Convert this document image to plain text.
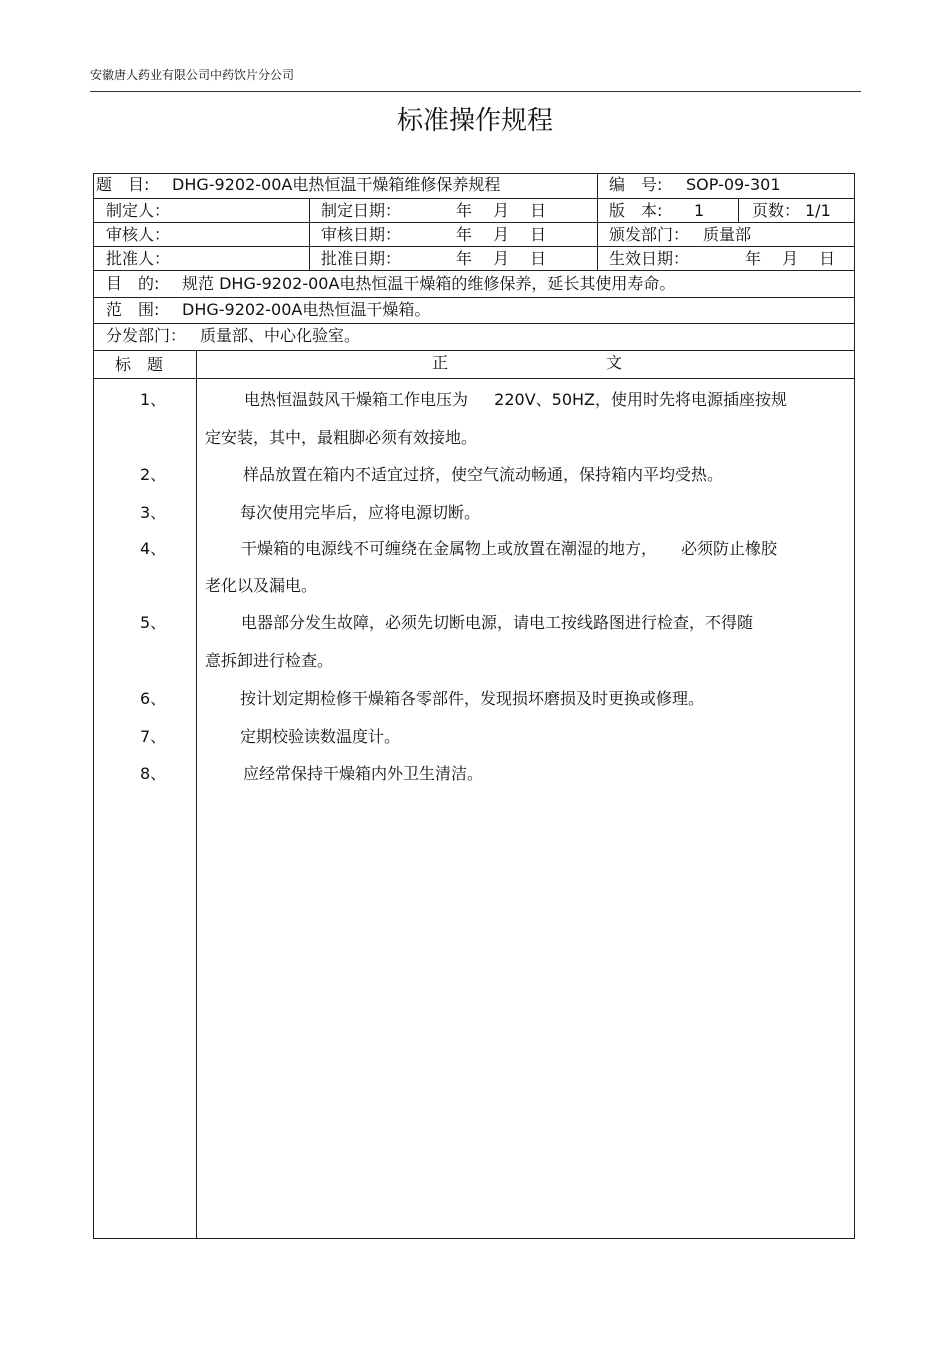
安徽唐人药业有限公司中药饮片分公司
标准操作规程
题　目: DHG-9202-00A电热恒温干燥箱维修保养规程	编　号: SOP-09-301
制定人：	制定日期：	年　 月　 日	版　本: 1	页数： 1/1
审核人：	审核日期：	年　 月　 日	颁发部门： 质量部
批准人：	批准日期：	年　 月　 日	生效日期：	年　 月　 日
目　的: 规范 DHG-9202-00A电热恒温干燥箱的维修保养，延长其使用寿命。
范　围: DHG-9202-00A电热恒温干燥箱。
分发部门： 质量部、中心化验室。
标　题	正	文
1、	电热恒温鼓风干燥箱工作电压为　  220V、50HZ，使用时先将电源插座按规
定安装，其中，最粗脚必须有效接地。
2、	样品放置在箱内不适宜过挤，使空气流动畅通，保持箱内平均受热。
3、	每次使用完毕后，应将电源切断。
4、	干燥箱的电源线不可缠绕在金属物上或放置在潮湿的地方，　　必须防止橡胶
老化以及漏电。
5、	电器部分发生故障，必须先切断电源，请电工按线路图进行检查，不得随
意拆卸进行检查。
6、	按计划定期检修干燥箱各零部件，发现损坏磨损及时更换或修理。
7、	定期校验读数温度计。
8、	应经常保持干燥箱内外卫生清洁。
